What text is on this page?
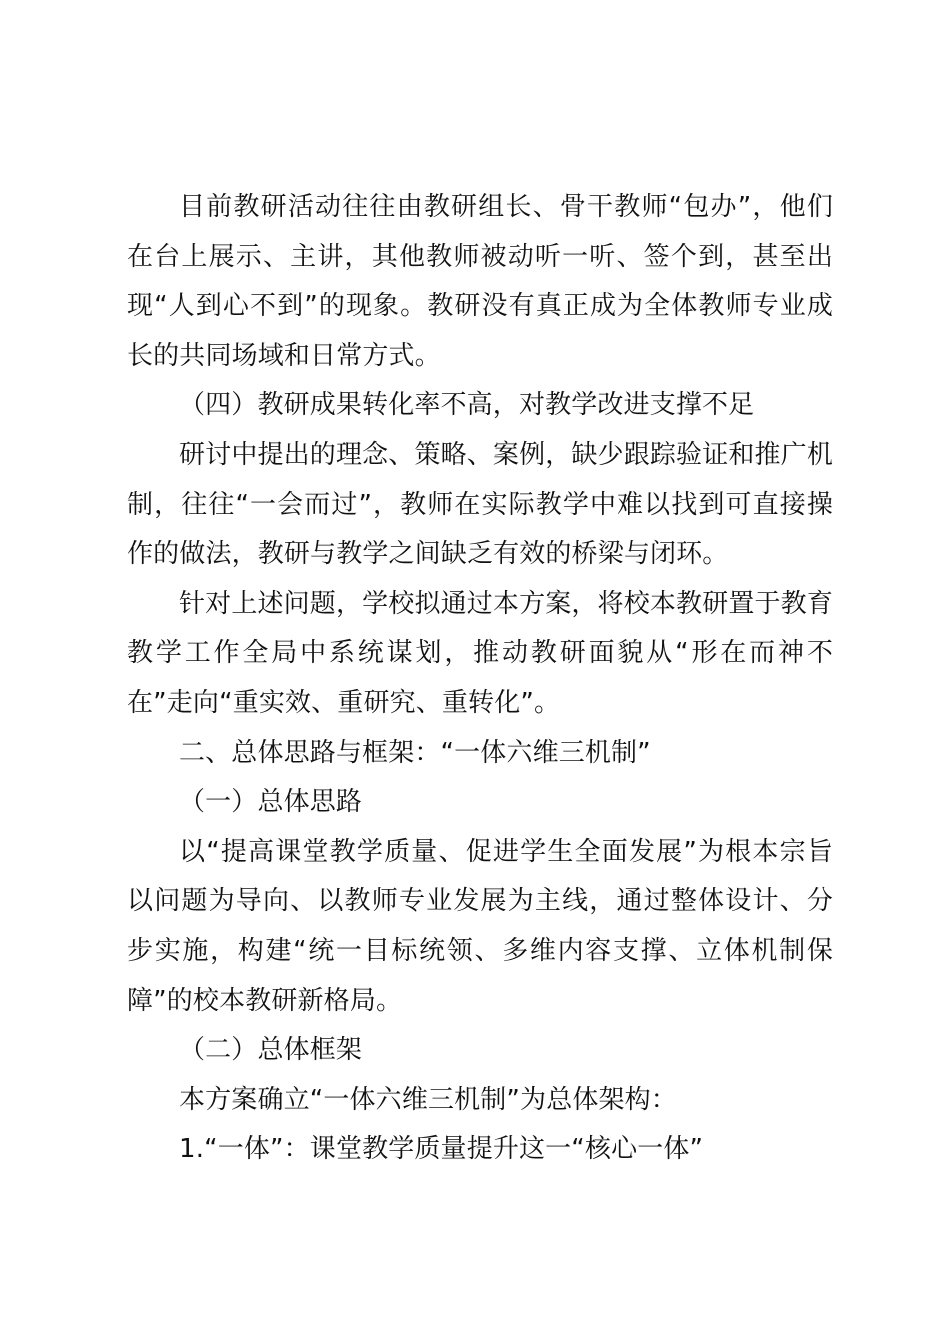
目前教研活动往往由教研组长、骨干教师“包办”，他们在台上展示、主讲，其他教师被动听一听、签个到，甚至出现“人到心不到”的现象。教研没有真正成为全体教师专业成长的共同场域和日常方式。

（四）教研成果转化率不高，对教学改进支撑不足

研讨中提出的理念、策略、案例，缺少跟踪验证和推广机制，往往“一会而过”，教师在实际教学中难以找到可直接操作的做法，教研与教学之间缺乏有效的桥梁与闭环。

针对上述问题，学校拟通过本方案，将校本教研置于教育教学工作全局中系统谋划，推动教研面貌从“形在而神不在”走向“重实效、重研究、重转化”。

二、总体思路与框架：“一体六维三机制”

（一）总体思路

以“提高课堂教学质量、促进学生全面发展”为根本宗旨以问题为导向、以教师专业发展为主线，通过整体设计、分步实施，构建“统一目标统领、多维内容支撑、立体机制保障”的校本教研新格局。

（二）总体框架

本方案确立“一体六维三机制”为总体架构：

1.“一体”：课堂教学质量提升这一“核心一体”
